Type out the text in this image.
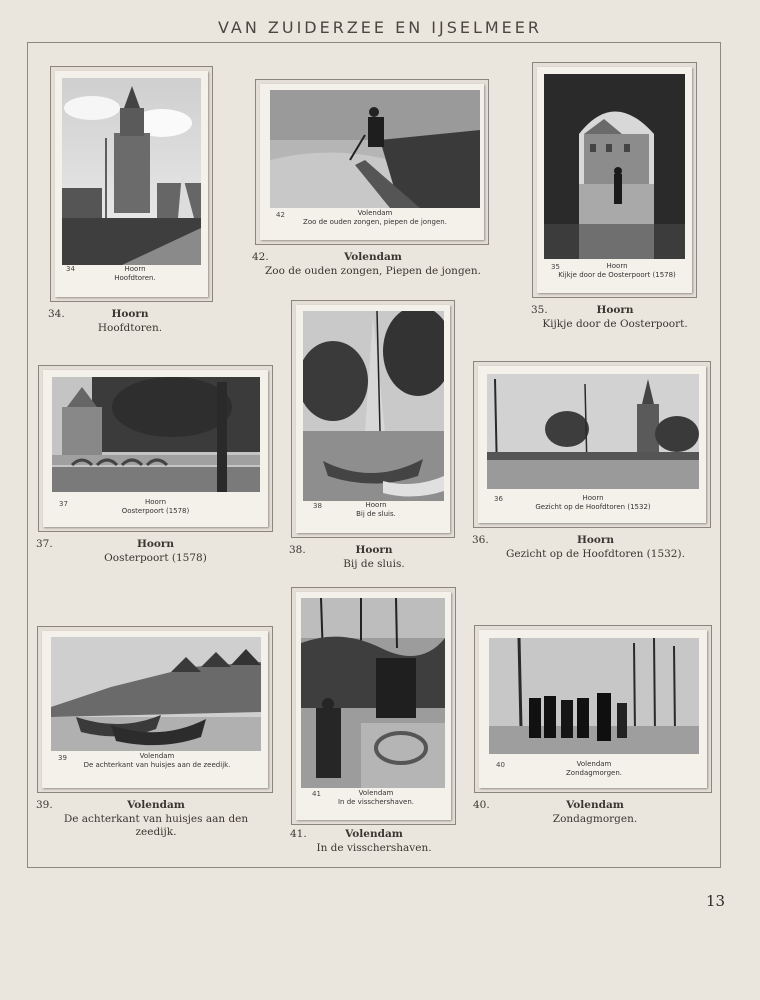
VAN ZUIDERZEE EN IJSELMEER
34	Hoorn
Hoofdtoren.
34.	Hoorn
Hoofdtoren.
42	Volendam
Zoo de ouden zongen, piepen de jongen.
42.	Volendam
Zoo de ouden zongen, Piepen de jongen.	35	Hoorn
Kijkje door de Oosterpoort (1578)
35.	Hoorn
Kijkje door de Oosterpoort.
37	Hoorn
Oosterpoort (1578)
37.	Hoorn
Oosterpoort (1578)
38	Hoorn
Bij de sluis.
38.	Hoorn
Bij de sluis.
36	Hoorn
Gezicht op de Hoofdtoren (1532)
36.	Hoorn
Gezicht op de Hoofdtoren (1532).
39	Volendam
De achterkant van huisjes aan de zeedijk.
39.	Volendam
De achterkant van huisjes aan den zeedijk.
41	Volendam
In de visschershaven.
41.	Volendam
In de visschershaven.
40	Volendam
Zondagmorgen.
40.	Volendam
Zondagmorgen.
13
